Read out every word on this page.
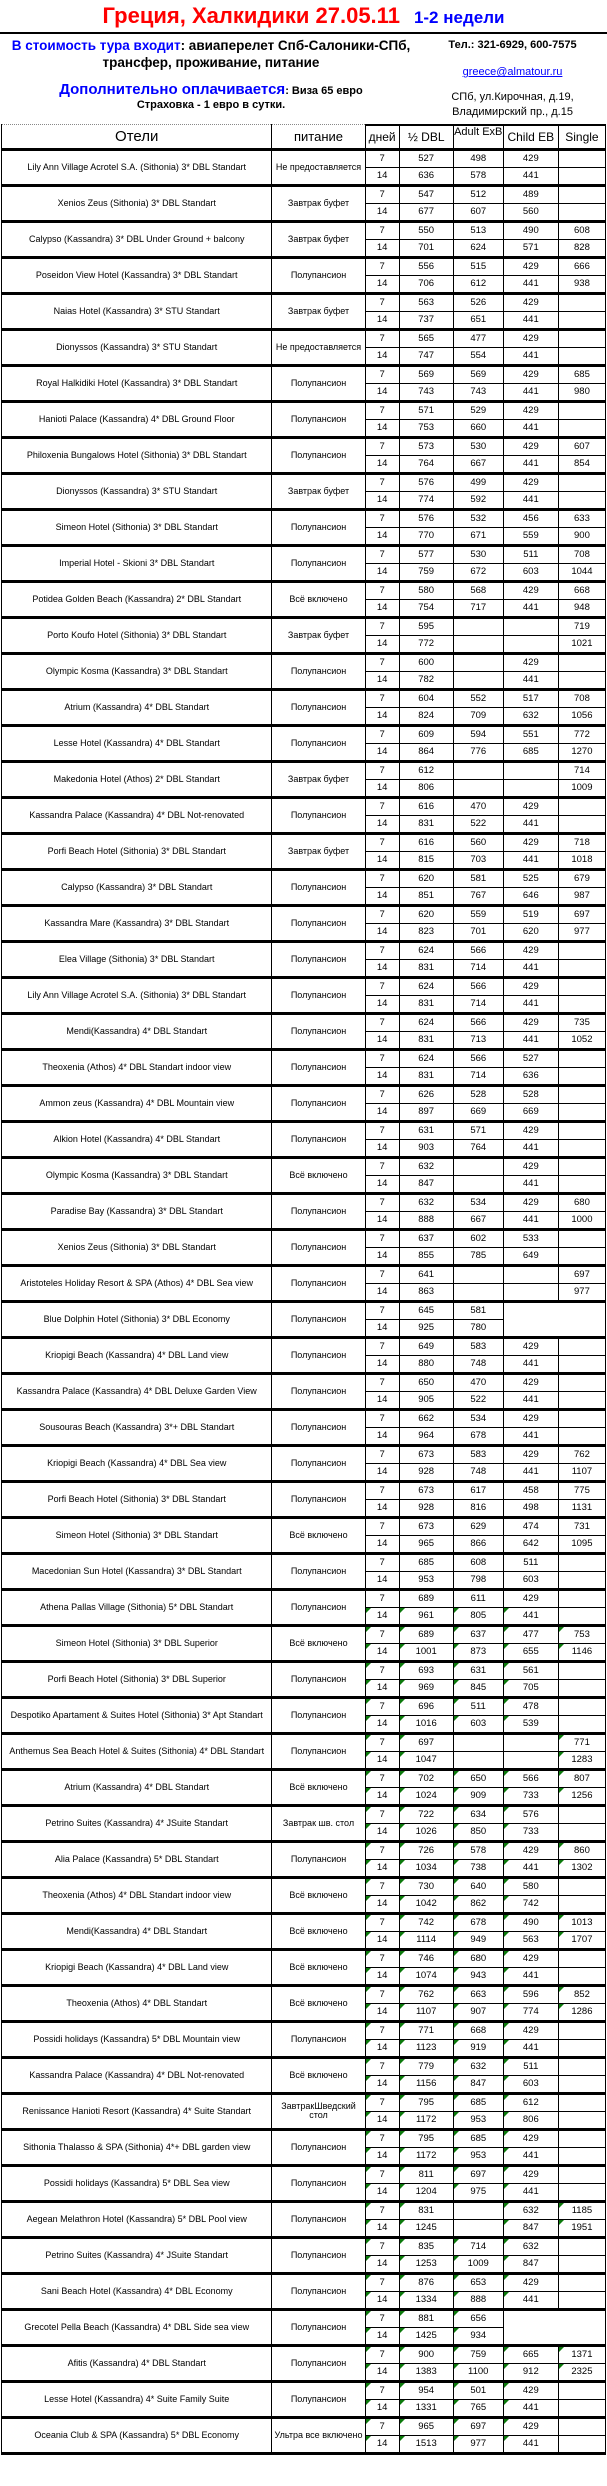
Греция, Халкидики 27.05.11 1-2 недели
В стоимость тура входит: авиаперелет Спб-Салоники-СПб, трансфер, проживание, питание
Дополнительно оплачивается: Виза 65 евро
Страховка - 1 евро в сутки.
Тел.: 321-6929, 600-7575
greece@almatour.ru
СПб, ул.Кирочная, д.19,
Владимирский пр., д.15
Отели	питание	дней	½ DBL	Adult ExB	Child EB	Single
Lily Ann Village Acrotel S.A. (Sithonia) 3* DBL Standart	Не предоставляется	7	527	498	429	
		14	636	578	441	
Xenios Zeus (Sithonia) 3* DBL Standart	Завтрак буфет	7	547	512	489	
		14	677	607	560	
Calypso (Kassandra) 3* DBL Under Ground + balcony	Завтрак буфет	7	550	513	490	608
		14	701	624	571	828
Poseidon View Hotel (Kassandra) 3* DBL Standart	Полупансион	7	556	515	429	666
		14	706	612	441	938
Naias Hotel (Kassandra) 3* STU Standart	Завтрак буфет	7	563	526	429	
		14	737	651	441	
Dionyssos (Kassandra) 3* STU Standart	Не предоставляется	7	565	477	429	
		14	747	554	441	
Royal Halkidiki Hotel (Kassandra) 3* DBL Standart	Полупансион	7	569	569	429	685
		14	743	743	441	980
Hanioti Palace (Kassandra) 4* DBL Ground Floor	Полупансион	7	571	529	429	
		14	753	660	441	
Philoxenia Bungalows Hotel (Sithonia) 3* DBL Standart	Полупансион	7	573	530	429	607
		14	764	667	441	854
Dionyssos (Kassandra) 3* STU Standart	Завтрак буфет	7	576	499	429	
		14	774	592	441	
Simeon Hotel (Sithonia) 3* DBL Standart	Полупансион	7	576	532	456	633
		14	770	671	559	900
Imperial Hotel - Skioni 3* DBL Standart	Полупансион	7	577	530	511	708
		14	759	672	603	1044
Potidea Golden Beach (Kassandra) 2* DBL Standart	Всё включено	7	580	568	429	668
		14	754	717	441	948
Porto Koufo Hotel (Sithonia) 3* DBL Standart	Завтрак буфет	7	595			719
		14	772			1021
Olympic Kosma (Kassandra) 3* DBL Standart	Полупансион	7	600		429	
		14	782		441	
Atrium (Kassandra) 4* DBL Standart	Полупансион	7	604	552	517	708
		14	824	709	632	1056
Lesse Hotel (Kassandra) 4* DBL Standart	Полупансион	7	609	594	551	772
		14	864	776	685	1270
Makedonia Hotel (Athos) 2* DBL Standart	Завтрак буфет	7	612			714
		14	806			1009
Kassandra Palace (Kassandra) 4* DBL Not-renovated	Полупансион	7	616	470	429	
		14	831	522	441	
Porfi Beach Hotel (Sithonia) 3* DBL Standart	Завтрак буфет	7	616	560	429	718
		14	815	703	441	1018
Calypso (Kassandra) 3* DBL Standart	Полупансион	7	620	581	525	679
		14	851	767	646	987
Kassandra Mare (Kassandra) 3* DBL Standart	Полупансион	7	620	559	519	697
		14	823	701	620	977
Elea Village (Sithonia) 3* DBL Standart	Полупансион	7	624	566	429	
		14	831	714	441	
Lily Ann Village Acrotel S.A. (Sithonia) 3* DBL Standart	Полупансион	7	624	566	429	
		14	831	714	441	
Mendi(Kassandra) 4* DBL Standart	Полупансион	7	624	566	429	735
		14	831	713	441	1052
Theoxenia (Athos) 4* DBL Standart indoor view	Полупансион	7	624	566	527	
		14	831	714	636	
Ammon zeus (Kassandra) 4* DBL Mountain view	Полупансион	7	626	528	528	
		14	897	669	669	
Alkion Hotel (Kassandra) 4* DBL Standart	Полупансион	7	631	571	429	
		14	903	764	441	
Olympic Kosma (Kassandra) 3* DBL Standart	Всё включено	7	632		429	
		14	847		441	
Paradise Bay (Kassandra) 3* DBL Standart	Полупансион	7	632	534	429	680
		14	888	667	441	1000
Xenios Zeus (Sithonia) 3* DBL Standart	Полупансион	7	637	602	533	
		14	855	785	649	
Aristoteles Holiday Resort & SPA (Athos) 4* DBL Sea view	Полупансион	7	641			697
		14	863			977
Blue Dolphin Hotel (Sithonia) 3* DBL Economy	Полупансион	7	645	581		
		14	925	780		
Kriopigi Beach (Kassandra) 4* DBL Land view	Полупансион	7	649	583	429	
		14	880	748	441	
Kassandra Palace (Kassandra) 4* DBL Deluxe Garden View	Полупансион	7	650	470	429	
		14	905	522	441	
Sousouras Beach (Kassandra) 3*+ DBL Standart	Полупансион	7	662	534	429	
		14	964	678	441	
Kriopigi Beach (Kassandra) 4* DBL Sea view	Полупансион	7	673	583	429	762
		14	928	748	441	1107
Porfi Beach Hotel (Sithonia) 3* DBL Standart	Полупансион	7	673	617	458	775
		14	928	816	498	1131
Simeon Hotel (Sithonia) 3* DBL Standart	Всё включено	7	673	629	474	731
		14	965	866	642	1095
Macedonian Sun Hotel (Kassandra) 3* DBL Standart	Полупансион	7	685	608	511	
		14	953	798	603	
Athena Pallas Village (Sithonia) 5* DBL Standart	Полупансион	7	689	611	429	
		14	961	805	441	
Simeon Hotel (Sithonia) 3* DBL Superior	Всё включено	7	689	637	477	753
		14	1001	873	655	1146
Porfi Beach Hotel (Sithonia) 3* DBL Superior	Полупансион	7	693	631	561	
		14	969	845	705	
Despotiko Apartament & Suites Hotel (Sithonia) 3* Apt Standart	Полупансион	7	696	511	478	
		14	1016	603	539	
Anthemus Sea Beach Hotel & Suites (Sithonia) 4* DBL Standart	Полупансион	7	697			771
		14	1047			1283
Atrium (Kassandra) 4* DBL Standart	Всё включено	7	702	650	566	807
		14	1024	909	733	1256
Petrino Suites (Kassandra) 4* JSuite Standart	Завтрак шв. стол	7	722	634	576	
		14	1026	850	733	
Alia Palace (Kassandra) 5* DBL Standart	Полупансион	7	726	578	429	860
		14	1034	738	441	1302
Theoxenia (Athos) 4* DBL Standart indoor view	Всё включено	7	730	640	580	
		14	1042	862	742	
Mendi(Kassandra) 4* DBL Standart	Всё включено	7	742	678	490	1013
		14	1114	949	563	1707
Kriopigi Beach (Kassandra) 4* DBL Land view	Всё включено	7	746	680	429	
		14	1074	943	441	
Theoxenia (Athos) 4* DBL Standart	Всё включено	7	762	663	596	852
		14	1107	907	774	1286
Possidi holidays (Kassandra) 5* DBL Mountain view	Полупансион	7	771	668	429	
		14	1123	919	441	
Kassandra Palace (Kassandra) 4* DBL Not-renovated	Всё включено	7	779	632	511	
		14	1156	847	603	
Renissance Hanioti Resort (Kassandra) 4* Suite Standart	ЗавтракШведский стол	7	795	685	612	
		14	1172	953	806	
Sithonia Thalasso & SPA (Sithonia) 4*+ DBL garden view	Полупансион	7	795	685	429	
		14	1172	953	441	
Possidi holidays (Kassandra) 5* DBL Sea view	Полупансион	7	811	697	429	
		14	1204	975	441	
Aegean Melathron Hotel (Kassandra) 5* DBL Pool view	Полупансион	7	831		632	1185
		14	1245		847	1951
Petrino Suites (Kassandra) 4* JSuite Standart	Полупансион	7	835	714	632	
		14	1253	1009	847	
Sani Beach Hotel (Kassandra) 4* DBL Economy	Полупансион	7	876	653	429	
		14	1334	888	441	
Grecotel Pella Beach (Kassandra) 4* DBL Side sea view	Полупансион	7	881	656		
		14	1425	934		
Afitis (Kassandra) 4* DBL Standart	Полупансион	7	900	759	665	1371
		14	1383	1100	912	2325
Lesse Hotel (Kassandra) 4* Suite Family Suite	Полупансион	7	954	501	429	
		14	1331	765	441	
Oceania Club & SPA (Kassandra) 5* DBL Economy	Ультра все включено	7	965	697	429	
		14	1513	977	441	
